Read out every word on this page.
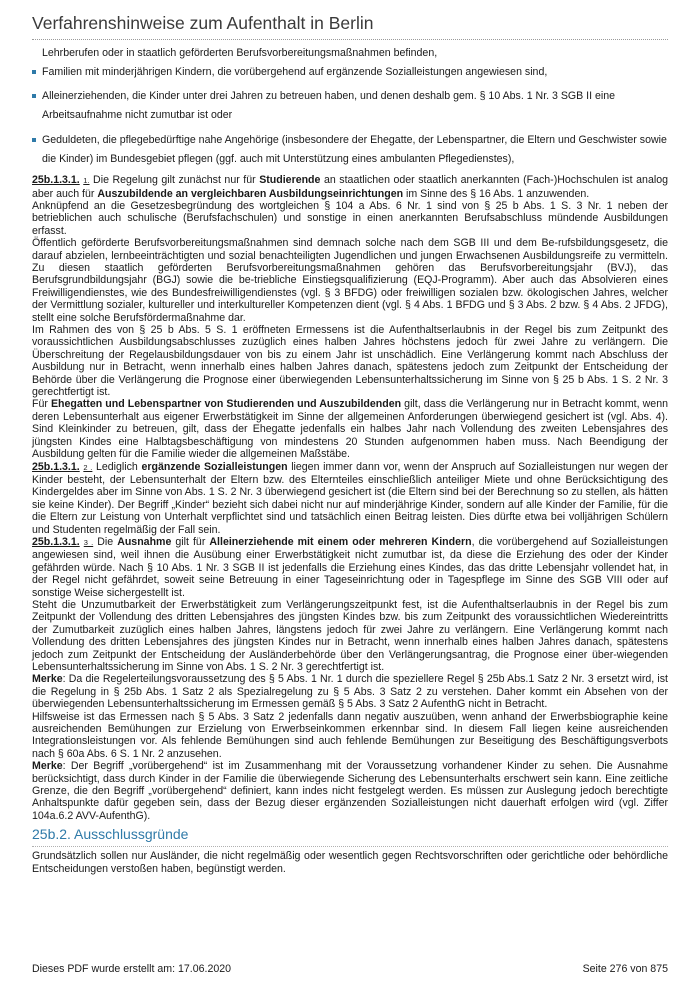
Verfahrenshinweise zum Aufenthalt in Berlin
Lehrberufen oder in staatlich geförderten Berufsvorbereitungsmaßnahmen befinden,
Familien mit minderjährigen Kindern, die vorübergehend auf ergänzende Sozialleistungen angewiesen sind,
Alleinerziehenden, die Kinder unter drei Jahren zu betreuen haben, und denen deshalb gem. § 10 Abs. 1 Nr. 3 SGB II eine Arbeitsaufnahme nicht zumutbar ist oder
Geduldeten, die pflegebedürftige nahe Angehörige (insbesondere der Ehegatte, der Lebenspartner, die Eltern und Geschwister sowie die Kinder) im Bundesgebiet pflegen (ggf. auch mit Unterstützung eines ambulanten Pflegedienstes),

25b.1.3.1. 1. Die Regelung gilt zunächst nur für Studierende an staatlichen oder staatlich anerkannten (Fach-)Hochschulen ist analog aber auch für Auszubildende an vergleichbaren Ausbildungseinrichtungen im Sinne des § 16 Abs. 1 anzuwenden.

Anknüpfend an die Gesetzesbegründung des wortgleichen § 104 a Abs. 6 Nr. 1 sind von § 25 b Abs. 1 S. 3 Nr. 1 neben der betrieblichen auch schulische (Berufsfachschulen) und sonstige in einen anerkannten Berufsabschluss mündende Ausbildungen erfasst.

Öffentlich geförderte Berufsvorbereitungsmaßnahmen sind demnach solche nach dem SGB III und dem Be-rufsbildungsgesetz, die darauf abzielen, lernbeeinträchtigten und sozial benachteiligten Jugendlichen und jungen Erwachsenen Ausbildungsreife zu vermitteln. Zu diesen staatlich geförderten Berufsvorbereitungsmaßnahmen gehören das Berufsvorbereitungsjahr (BVJ), das Berufsgrundbildungsjahr (BGJ) sowie die be-triebliche Einstiegsqualifizierung (EQJ-Programm). Aber auch das Absolvieren eines Freiwilligendienstes, wie des Bundesfreiwilligendienstes (vgl. § 3 BFDG) oder freiwilligen sozialen bzw. ökologischen Jahres, welcher der Vermittlung sozialer, kultureller und interkultureller Kompetenzen dient (vgl. § 4 Abs. 1 BFDG und § 3 Abs. 2 bzw. § 4 Abs. 2 JFDG), stellt eine solche Berufsfördermaßnahme dar.

Im Rahmen des von § 25 b Abs. 5 S. 1 eröffneten Ermessens ist die Aufenthaltserlaubnis in der Regel bis zum Zeitpunkt des voraussichtlichen Ausbildungsabschlusses zuzüglich eines halben Jahres höchstens jedoch für zwei Jahre zu verlängern. Die Überschreitung der Regelausbildungsdauer von bis zu einem Jahr ist unschädlich. Eine Verlängerung kommt nach Abschluss der Ausbildung nur in Betracht, wenn innerhalb eines halben Jahres danach, spätestens jedoch zum Zeitpunkt der Entscheidung der Behörde über die Verlängerung die Prognose einer überwiegenden Lebensunterhaltssicherung im Sinne von § 25 b Abs. 1 S. 2 Nr. 3 gerechtfertigt ist.

Für Ehegatten und Lebenspartner von Studierenden und Auszubildenden gilt, dass die Verlängerung nur in Betracht kommt, wenn deren Lebensunterhalt aus eigener Erwerbstätigkeit im Sinne der allgemeinen Anforderungen überwiegend gesichert ist (vgl. Abs. 4). Sind Kleinkinder zu betreuen, gilt, dass der Ehegatte jedenfalls ein halbes Jahr nach Vollendung des zweiten Lebensjahres des jüngsten Kindes eine Halbtagsbeschäftigung von mindestens 20 Stunden aufgenommen haben muss. Nach Beendigung der Ausbildung gelten für die Familie wieder die allgemeinen Maßstäbe.

25b.1.3.1. 2 . Lediglich ergänzende Sozialleistungen liegen immer dann vor, wenn der Anspruch auf Sozialleistungen nur wegen der Kinder besteht, der Lebensunterhalt der Eltern bzw. des Elternteiles einschließlich anteiliger Miete und ohne Berücksichtigung des Kindergeldes aber im Sinne von Abs. 1 S. 2 Nr. 3 überwiegend gesichert ist (die Eltern sind bei der Berechnung so zu stellen, als hätten sie keine Kinder). Der Begriff „Kinder“ bezieht sich dabei nicht nur auf minderjährige Kinder, sondern auf alle Kinder der Familie, für die die Eltern zur Leistung von Unterhalt verpflichtet sind und tatsächlich einen Beitrag leisten. Dies dürfte etwa bei volljährigen Schülern und Studenten regelmäßig der Fall sein.

25b.1.3.1. 3 . Die Ausnahme gilt für Alleinerziehende mit einem oder mehreren Kindern, die vorübergehend auf Sozialleistungen angewiesen sind, weil ihnen die Ausübung einer Erwerbstätigkeit nicht zumutbar ist, da diese die Erziehung des oder der Kinder gefährden würde. Nach § 10 Abs. 1 Nr. 3 SGB II ist jedenfalls die Erziehung eines Kindes, das das dritte Lebensjahr vollendet hat, in der Regel nicht gefährdet, soweit seine Betreuung in einer Tageseinrichtung oder in Tagespflege im Sinne des SGB VIII oder auf sonstige Weise sichergestellt ist.

Steht die Unzumutbarkeit der Erwerbstätigkeit zum Verlängerungszeitpunkt fest, ist die Aufenthaltserlaubnis in der Regel bis zum Zeitpunkt der Vollendung des dritten Lebensjahres des jüngsten Kindes bzw. bis zum Zeitpunkt des voraussichtlichen Wiedereintritts der Zumutbarkeit zuzüglich eines halben Jahres, längstens jedoch für zwei Jahre zu verlängern. Eine Verlängerung kommt nach Vollendung des dritten Lebensjahres des jüngsten Kindes nur in Betracht, wenn innerhalb eines halben Jahres danach, spätestens jedoch zum Zeitpunkt der Entscheidung der Ausländerbehörde über den Verlängerungsantrag, die Prognose einer über-wiegenden Lebensunterhaltssicherung im Sinne von Abs. 1 S. 2 Nr. 3 gerechtfertigt ist.

Merke: Da die Regelerteilungsvoraussetzung des § 5 Abs. 1 Nr. 1 durch die speziellere Regel § 25b Abs.1 Satz 2 Nr. 3 ersetzt wird, ist die Regelung in § 25b Abs. 1 Satz 2 als Spezialregelung zu § 5 Abs. 3 Satz 2 zu verstehen. Daher kommt ein Absehen von der überwiegenden Lebensunterhaltssicherung im Ermessen gemäß § 5 Abs. 3 Satz 2 AufenthG nicht in Betracht.

Hilfsweise ist das Ermessen nach § 5 Abs. 3 Satz 2 jedenfalls dann negativ auszuüben, wenn anhand der Erwerbsbiographie keine ausreichenden Bemühungen zur Erzielung von Erwerbseinkommen erkennbar sind. In diesem Fall liegen keine ausreichenden Integrationsleistungen vor. Als fehlende Bemühungen sind auch fehlende Bemühungen zur Beseitigung des Beschäftigungsverbots nach § 60a Abs. 6 S. 1 Nr. 2 anzusehen.

Merke: Der Begriff „vorübergehend“ ist im Zusammenhang mit der Voraussetzung vorhandener Kinder zu sehen. Die Ausnahme berücksichtigt, dass durch Kinder in der Familie die überwiegende Sicherung des Lebensunterhalts erschwert sein kann. Eine zeitliche Grenze, die den Begriff „vorübergehend“ definiert, kann indes nicht festgelegt werden. Es müssen zur Auslegung jedoch berechtigte Anhaltspunkte dafür gegeben sein, dass der Bezug dieser ergänzenden Sozialleistungen nicht dauerhaft erfolgen wird (vgl. Ziffer 104a.6.2 AVV-AufenthG).

25b.2. Ausschlussgründe

Grundsätzlich sollen nur Ausländer, die nicht regelmäßig oder wesentlich gegen Rechtsvorschriften oder gerichtliche oder behördliche Entscheidungen verstoßen haben, begünstigt werden.

Dieses PDF wurde erstellt am: 17.06.2020	Seite 276 von 875
